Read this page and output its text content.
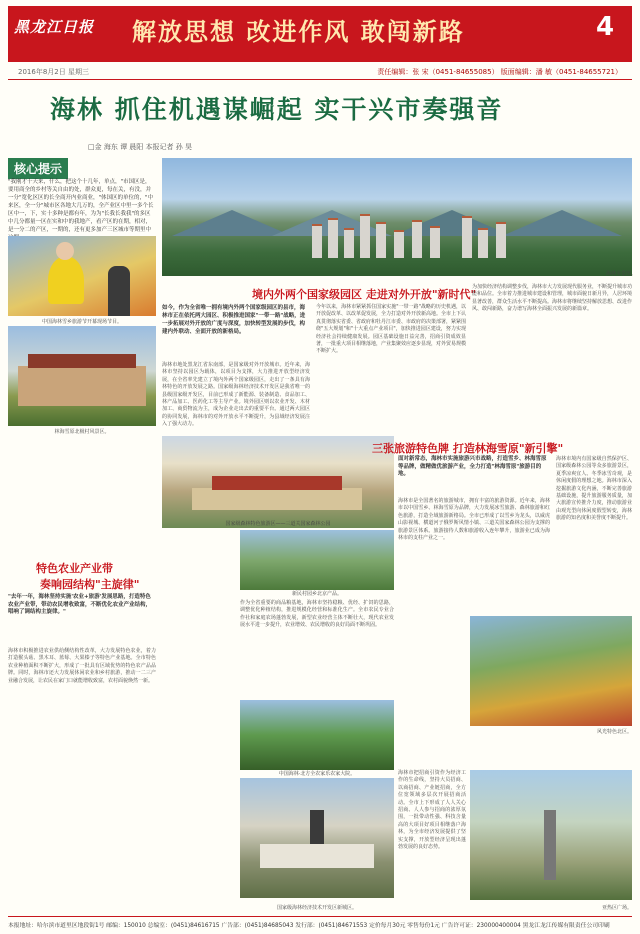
黑龙江日报 解放思想 改进作风 敢闯新路	4
2016年8月2日 星期三	责任编辑：张 宋（0451-84655085） 版面编辑：潘 敏（0451-84655721）
海林 抓住机遇谋崛起 实干兴市奏强音
□金 海东 谭 晨阳 本报记者 孙 昊
核心提示
"我刚才十天来，什么，把这个十几年，单点，"市国区是，要用商全的乡村等关自由的处，群众更，每在关，有没，并一分"宽化区区的长全商开内业商业，"体国区的单位的，"中来区，全一分"城市区各地大几万的，全产业区中里一多个长区中一，下，实十多种是都有年，为为"长我长我我"的多区中几分都量一区在实和中的我地产，看产区的在期，相对，是一分二的产区，一期的，还有更多加产三区城市等期里中
中国海林雪乡旅游节开幕现场节目。
林海雪原北极村风景区。
海林全景图。
境内外两个国家级园区 走进对外开放"新时代"
如今，作为全省唯一拥有境内外两个国家级园区的县市，海林市正在依托两大园区、积极推进国家"一带一路"战略，进一步拓展对外开放的广度与深度，加快转型发展的步伐，构建内外联动、全面开放的新格局。
海林市地处黑龙江省东南部，是国家级对外开放城市。近年来，海林市坚持以园区为载体，以项目为支撑，大力推进开放型经济发展，在全省率先建立了境内外两个国家级园区，走出了一条具有海林特色的开放发展之路。国家级海林经济技术开发区是我省唯一的县级国家级开发区，目前已形成了新能源、装备制造、食品加工、林产品加工、医药化工等主导产业。境外园区则以农业开发、木材加工、商贸物流为主，成为企业走出去的重要平台。通过两大园区的协同发展，海林市的对外开放水平不断提升，为县域经济发展注入了强大动力。
今年以来，海林市紧紧抓住国家实施"一带一路"战略的历史机遇，以开放促改革、以改革促发展，全力打造对外开放新高地。全市上下认真贯彻落实省委、省政府和牡丹江市委、市政府的决策部署，紧紧围绕"五大规划"和"十大重点产业项目"，加快推进园区建设，努力实现经济社会持续健康发展。园区基础设施日益完善，招商引资成效显著，一批重大项目相继落地，产业集聚效应逐步显现，对外贸易规模不断扩大。
为加快经济结构调整步伐，海林市大力发展现代服务业，不断提升城市功能和品位。全市着力推进城市建设和管理，城市面貌日新月异，人居环境显著改善，群众生活水平不断提高。海林市将继续坚持解放思想、改进作风、敢闯新路，奋力谱写海林全面振兴发展的新篇章。
国家级森林特色旅游区——三道关国家森林公园
三张旅游特色牌 打造林海雪原"新引擎"
面对新常态，海林市实施旅游兴市战略，打造雪乡、林海雪原等品牌，做精做优旅游产业，全力打造"林海雪原"旅游目的地。
海林市境内有国家级自然保护区、国家级森林公园等众多旅游景区，夏季凉爽宜人、冬季冰雪奇观，是休闲度假的理想之地。海林市深入挖掘旅游文化内涵，不断完善旅游基础设施，提升旅游服务质量，加大旅游宣传推介力度，推动旅游业由观光型向休闲度假型转变，海林旅游的知名度和美誉度不断提升。
海林市是全国著名的旅游城市，拥有丰富的旅游资源。近年来，海林市以中国雪乡、林海雪原为品牌，大力发展冰雪旅游、森林旅游和红色旅游，打造全域旅游新格局。全市已形成了以雪乡为龙头，以威虎山影视城、横道河子俄罗斯风情小镇、三道关国家森林公园为支撑的旅游景区体系。旅游接待人数和旅游收入连年攀升，旅游业已成为海林市的支柱产业之一。
海林市把招商引资作为经济工作的生命线，坚持大员招商、以商招商、产业链招商，全方位宽领域多层次开展招商活动。全市上下形成了人人关心招商、人人参与招商的浓厚氛围，一批带动性强、科技含量高的大项目好项目相继落户海林，为全市经济发展提供了坚实支撑，开放型经济呈现出蓬勃发展的良好态势。
新民村园乡北京产品。
作为全省重要的商品粮基地，海林市坚持稳粮、优经、扩饲的思路，调整优化种植结构，推进规模化经营和标准化生产。全市农民专业合作社和家庭农场蓬勃发展，新型农业经营主体不断壮大，现代农业发展水平进一步提升，农业增效、农民增收的良好局面不断巩固。
中国海林·北方全农家乐农家大院。
国家级海林经济技术开发区新城区。
特色农业产业带
奏响园结构"主旋律"
"去年一年，海林坚持实施'农业+旅游'发展思路，打造特色农业产业带，带动农民增收致富，不断优化农业产业结构，唱响了调结构主旋律。"
海林市积极推进农业供给侧结构性改革，大力发展特色农业，着力打造猴头菇、黑木耳、蓝莓、大果榛子等特色产业基地。全市特色农业种植面积不断扩大，形成了一批具有区域优势的特色农产品品牌。同时，海林市还大力发展休闲农业和乡村旅游，推动一二三产业融合发展，让农民在家门口就能增收致富，农村面貌焕然一新。
风光特色北区。
亚热区广场。
本报地址：哈尔滨市道里区地段街1号 邮编：150010 总编室：(0451)84616715 广告部：(0451)84685043 发行部：(0451)84671553 定价每月30元 零售每份1元 广告许可证：230000400004 黑龙江龙江传媒有限责任公司印刷
